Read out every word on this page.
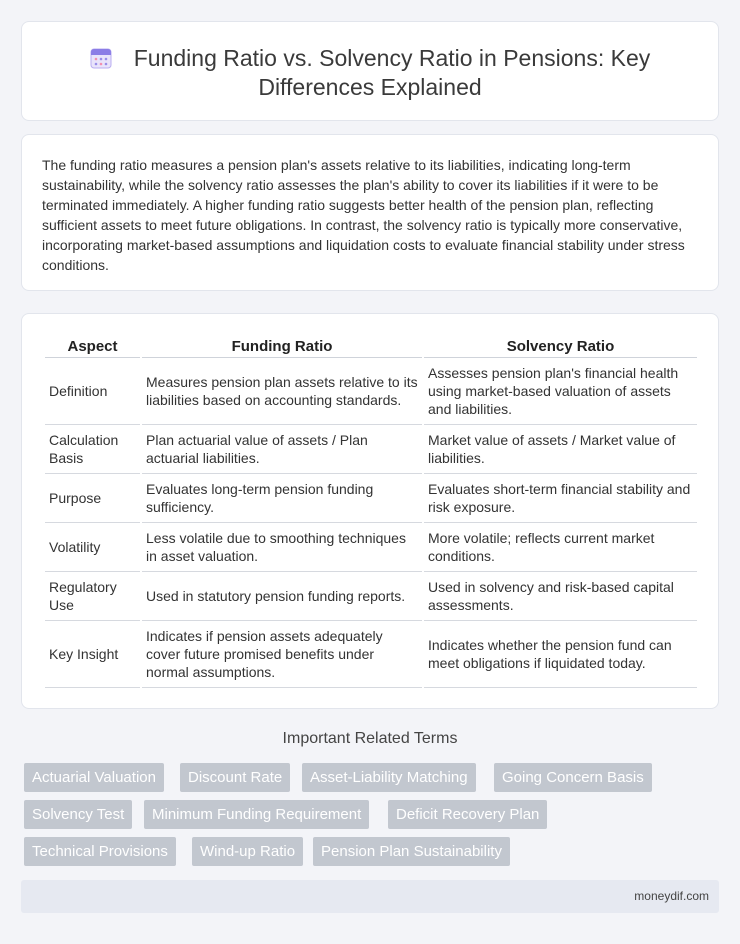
Funding Ratio vs. Solvency Ratio in Pensions: Key
Differences Explained

The funding ratio measures a pension plan's assets relative to its liabilities, indicating long-term sustainability, while the solvency ratio assesses the plan's ability to cover its liabilities if it were to be terminated immediately. A higher funding ratio suggests better health of the pension plan, reflecting sufficient assets to meet future obligations. In contrast, the solvency ratio is typically more conservative, incorporating market-based assumptions and liquidation costs to evaluate financial stability under stress conditions.

Aspect	Funding Ratio	Solvency Ratio
Definition	Measures pension plan assets relative to its liabilities based on accounting standards.	Assesses pension plan's financial health using market-based valuation of assets and liabilities.
Calculation Basis	Plan actuarial value of assets / Plan actuarial liabilities.	Market value of assets / Market value of liabilities.
Purpose	Evaluates long-term pension funding sufficiency.	Evaluates short-term financial stability and risk exposure.
Volatility	Less volatile due to smoothing techniques in asset valuation.	More volatile; reflects current market conditions.
Regulatory Use	Used in statutory pension funding reports.	Used in solvency and risk-based capital assessments.
Key Insight	Indicates if pension assets adequately cover future promised benefits under normal assumptions.	Indicates whether the pension fund can meet obligations if liquidated today.
Important Related Terms
Actuarial Valuation	Discount Rate	Asset-Liability Matching	Going Concern Basis
Solvency Test	Minimum Funding Requirement	Deficit Recovery Plan
Technical Provisions	Wind-up Ratio	Pension Plan Sustainability
moneydif.com
